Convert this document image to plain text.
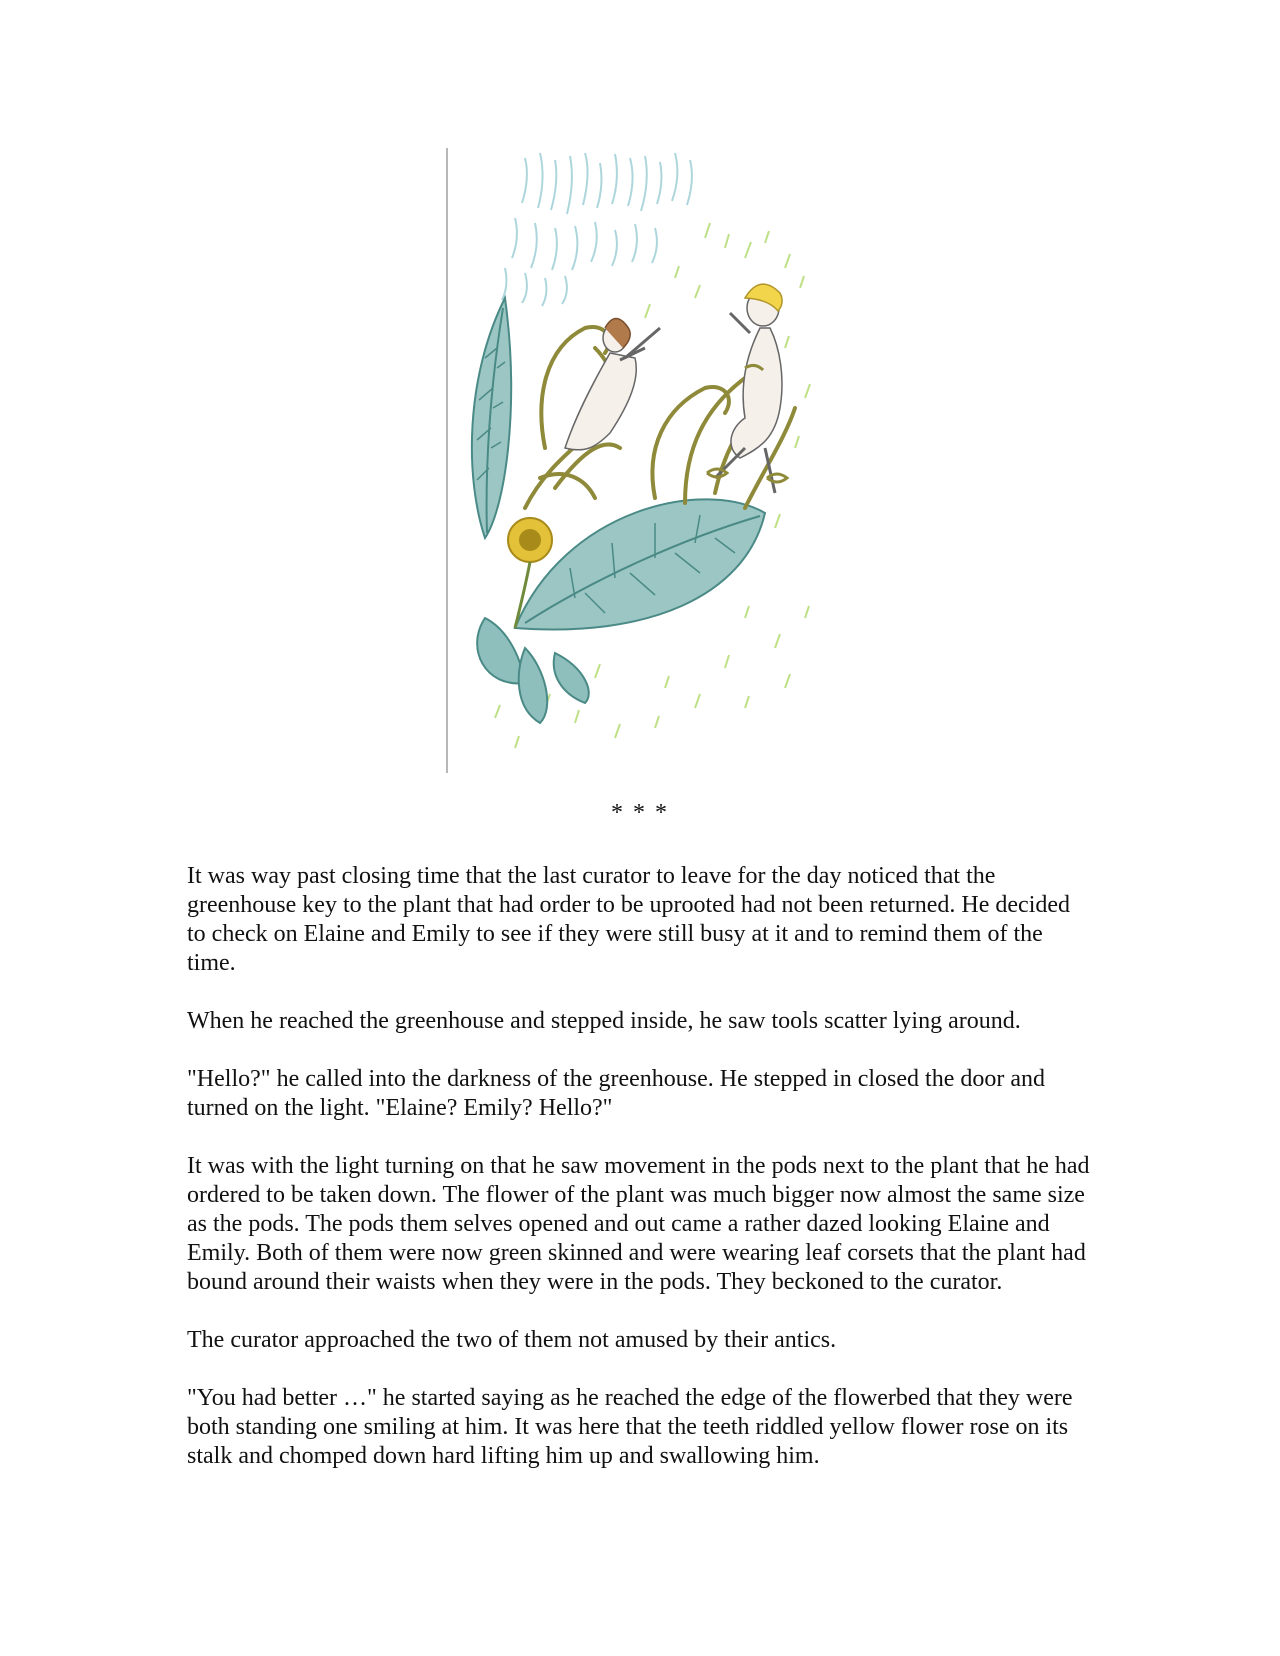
* * *

It was way past closing time that the last curator to leave for the day noticed that the greenhouse key to the plant that had order to be uprooted had not been returned. He decided to check on Elaine and Emily to see if they were still busy at it and to remind them of the time.

When he reached the greenhouse and stepped inside, he saw tools scatter lying around.

"Hello?" he called into the darkness of the greenhouse. He stepped in closed the door and turned on the light. "Elaine? Emily? Hello?"

It was with the light turning on that he saw movement in the pods next to the plant that he had ordered to be taken down. The flower of the plant was much bigger now almost the same size as the pods. The pods them selves opened and out came a rather dazed looking Elaine and Emily. Both of them were now green skinned and were wearing leaf corsets that the plant had bound around their waists when they were in the pods. They beckoned to the curator.

The curator approached the two of them not amused by their antics.

"You had better …" he started saying as he reached the edge of the flowerbed that they were both standing one smiling at him. It was here that the teeth riddled yellow flower rose on its stalk and chomped down hard lifting him up and swallowing him.
